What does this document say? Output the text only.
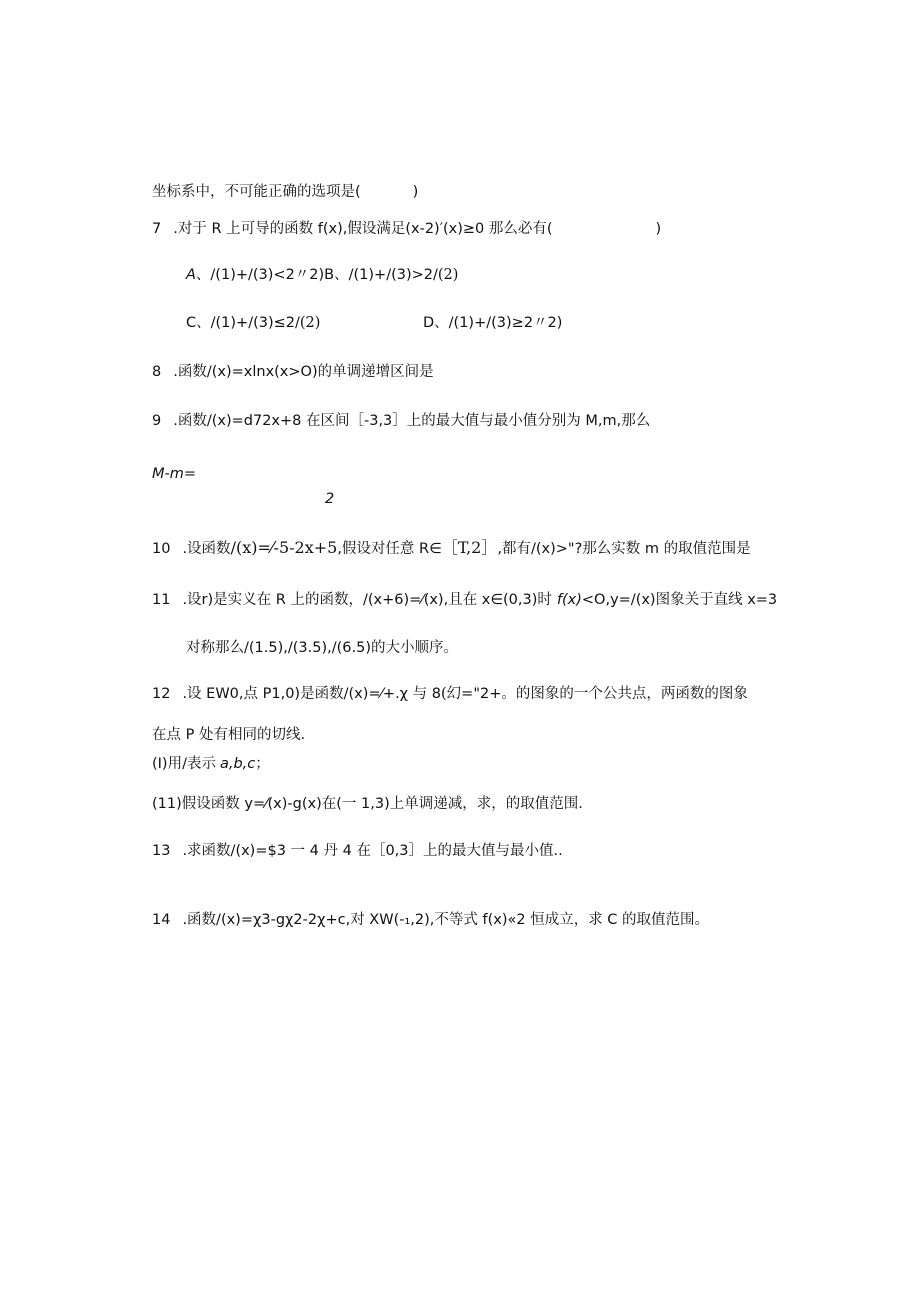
坐标系中，不可能正确的选项是(	)
7 .对于 R 上可导的函数 f(x),假设满足(x-2)′(x)≥0 那么必有(	)
A、/(1)+/(3)<2〃2)B、/(1)+/(3)>2/(2)
C、/(1)+/(3)≤2/(2)	D、/(1)+/(3)≥2〃2)
8 .函数/(x)=xlnx(x>O)的单调递增区间是
9 .函数/(x)=d72x+8 在区间［-3,3］上的最大值与最小值分别为 M,m,那么
M-m=
2
10 .设函数/(x)=⁄-5-2x+5,假设对任意 R∈［T,2］,都有/(x)>"?那么实数 m 的取值范围是
11 .设r)是实义在 R 上的函数，/(x+6)=⁄(x),且在 x∈(0,3)时 f(x)<O,y=/(x)图象关于直线 x=3
对称那么/(1.5),/(3.5),/(6.5)的大小顺序。
12 .设 EW0,点 P1,0)是函数/(x)=⁄+.χ 与 8(幻="2+。的图象的一个公共点，两函数的图象
在点 P 处有相同的切线.
(I)用/表示 a,b,c；
(11)假设函数 y=⁄(x)-g(x)在(一 1,3)上单调递减，求，的取值范围.
13 .求函数/(x)=$3 一 4 丹 4 在［0,3］上的最大值与最小值..
14 .函数/(x)=χ3-gχ2-2χ+c,对 XW(-₁,2),不等式 f(x)«2 恒成立，求 C 的取值范围。
